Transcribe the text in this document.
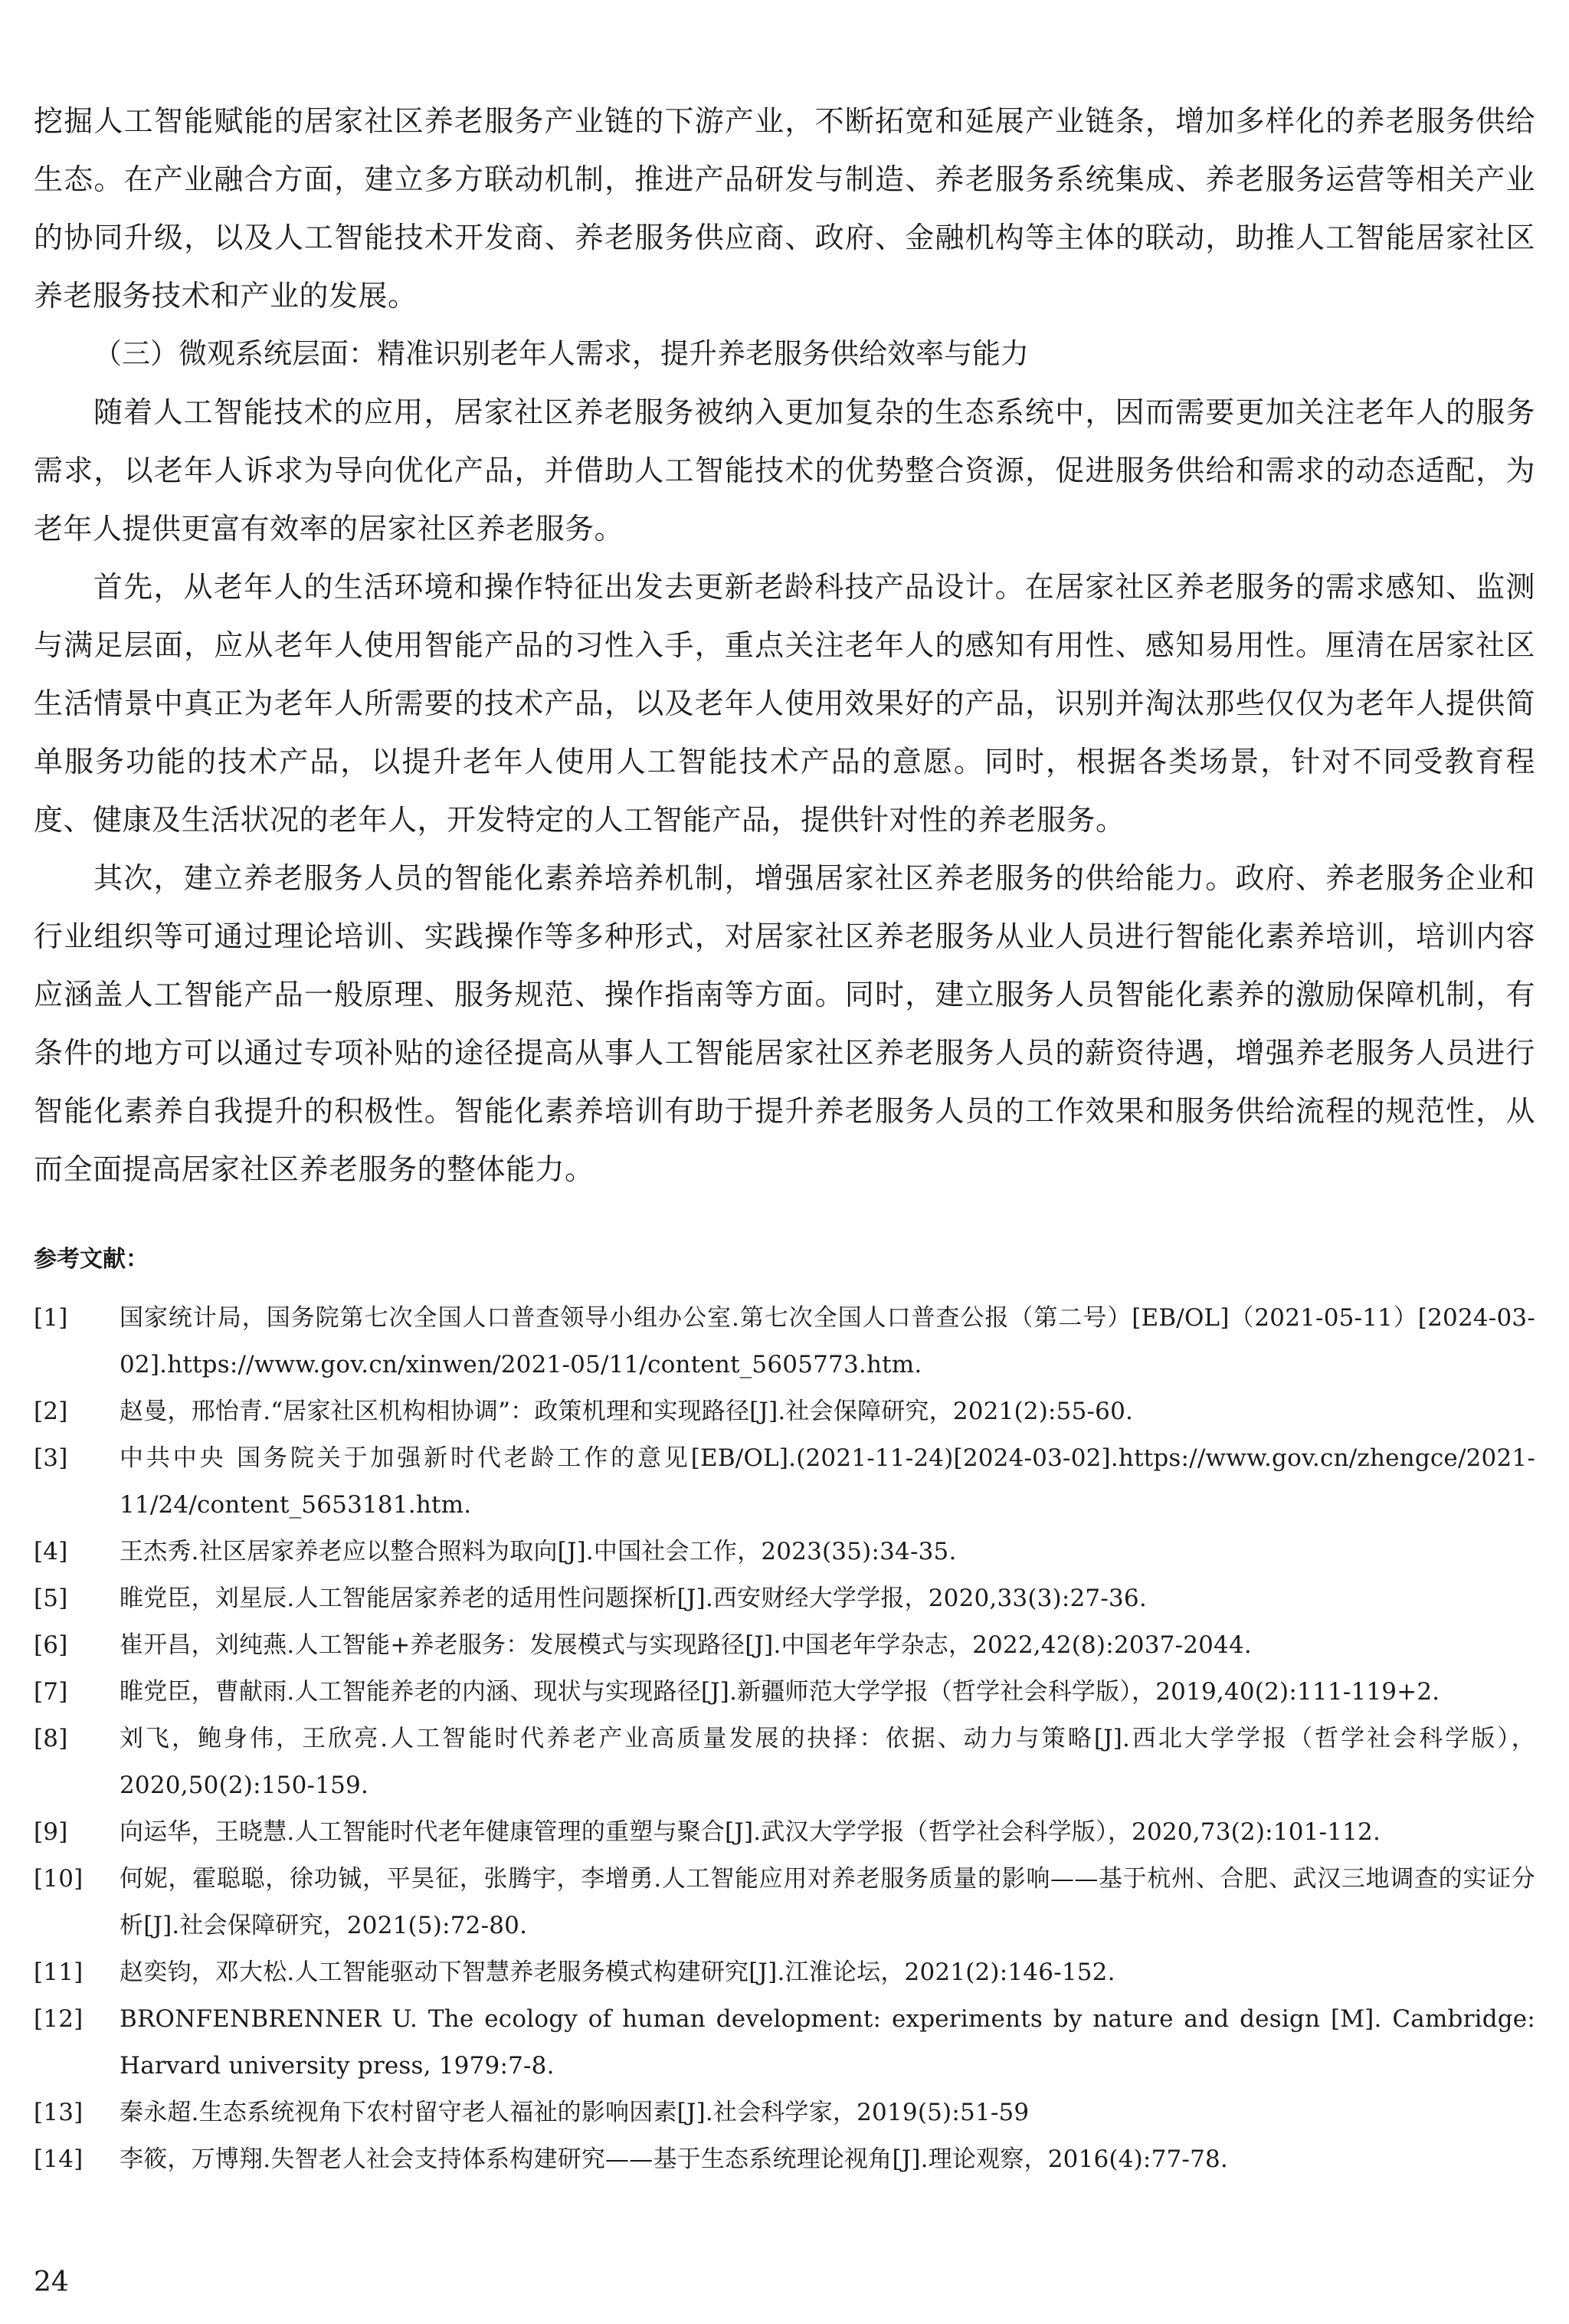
挖掘人工智能赋能的居家社区养老服务产业链的下游产业，不断拓宽和延展产业链条，增加多样化的养老服务供给生态。在产业融合方面，建立多方联动机制，推进产品研发与制造、养老服务系统集成、养老服务运营等相关产业的协同升级，以及人工智能技术开发商、养老服务供应商、政府、金融机构等主体的联动，助推人工智能居家社区养老服务技术和产业的发展。

（三）微观系统层面：精准识别老年人需求，提升养老服务供给效率与能力

随着人工智能技术的应用，居家社区养老服务被纳入更加复杂的生态系统中，因而需要更加关注老年人的服务需求，以老年人诉求为导向优化产品，并借助人工智能技术的优势整合资源，促进服务供给和需求的动态适配，为老年人提供更富有效率的居家社区养老服务。

首先，从老年人的生活环境和操作特征出发去更新老龄科技产品设计。在居家社区养老服务的需求感知、监测与满足层面，应从老年人使用智能产品的习性入手，重点关注老年人的感知有用性、感知易用性。厘清在居家社区生活情景中真正为老年人所需要的技术产品，以及老年人使用效果好的产品，识别并淘汰那些仅仅为老年人提供简单服务功能的技术产品，以提升老年人使用人工智能技术产品的意愿。同时，根据各类场景，针对不同受教育程度、健康及生活状况的老年人，开发特定的人工智能产品，提供针对性的养老服务。

其次，建立养老服务人员的智能化素养培养机制，增强居家社区养老服务的供给能力。政府、养老服务企业和行业组织等可通过理论培训、实践操作等多种形式，对居家社区养老服务从业人员进行智能化素养培训，培训内容应涵盖人工智能产品一般原理、服务规范、操作指南等方面。同时，建立服务人员智能化素养的激励保障机制，有条件的地方可以通过专项补贴的途径提高从事人工智能居家社区养老服务人员的薪资待遇，增强养老服务人员进行智能化素养自我提升的积极性。智能化素养培训有助于提升养老服务人员的工作效果和服务供给流程的规范性，从而全面提高居家社区养老服务的整体能力。

参考文献：
[1]	国家统计局，国务院第七次全国人口普查领导小组办公室.第七次全国人口普查公报（第二号）[EB/OL]（2021-05-11）[2024-03-02].https://www.gov.cn/xinwen/2021-05/11/content_5605773.htm.
[2]	赵曼，邢怡青.“居家社区机构相协调”：政策机理和实现路径[J].社会保障研究，2021(2):55-60.
[3]	中共中央 国务院关于加强新时代老龄工作的意见[EB/OL].(2021-11-24)[2024-03-02].https://www.gov.cn/zhengce/2021-11/24/content_5653181.htm.
[4]	王杰秀.社区居家养老应以整合照料为取向[J].中国社会工作，2023(35):34-35.
[5]	睢党臣，刘星辰.人工智能居家养老的适用性问题探析[J].西安财经大学学报，2020,33(3):27-36.
[6]	崔开昌，刘纯燕.人工智能+养老服务：发展模式与实现路径[J].中国老年学杂志，2022,42(8):2037-2044.
[7]	睢党臣，曹献雨.人工智能养老的内涵、现状与实现路径[J].新疆师范大学学报（哲学社会科学版），2019,40(2):111-119+2.
[8]	刘飞，鲍身伟，王欣亮.人工智能时代养老产业高质量发展的抉择：依据、动力与策略[J].西北大学学报（哲学社会科学版），2020,50(2):150-159.
[9]	向运华，王晓慧.人工智能时代老年健康管理的重塑与聚合[J].武汉大学学报（哲学社会科学版），2020,73(2):101-112.
[10]	何妮，霍聪聪，徐功铖，平昊征，张腾宇，李增勇.人工智能应用对养老服务质量的影响——基于杭州、合肥、武汉三地调查的实证分析[J].社会保障研究，2021(5):72-80.
[11]	赵奕钧，邓大松.人工智能驱动下智慧养老服务模式构建研究[J].江淮论坛，2021(2):146-152.
[12]	BRONFENBRENNER U. The ecology of human development: experiments by nature and design [M]. Cambridge: Harvard university press, 1979:7-8.
[13]	秦永超.生态系统视角下农村留守老人福祉的影响因素[J].社会科学家，2019(5):51-59
[14]	李筱，万博翔.失智老人社会支持体系构建研究——基于生态系统理论视角[J].理论观察，2016(4):77-78.
24
